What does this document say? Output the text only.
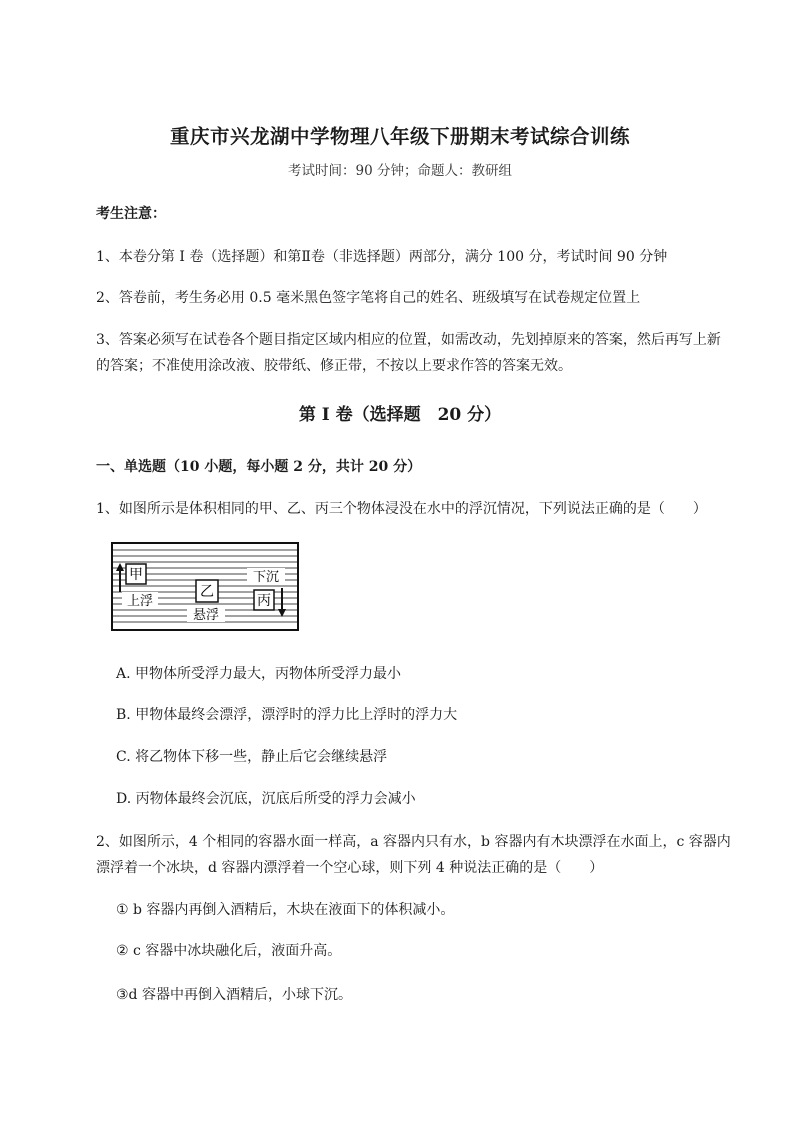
重庆市兴龙湖中学物理八年级下册期末考试综合训练
考试时间：90 分钟；命题人：教研组
考生注意：
1、本卷分第 I 卷（选择题）和第Ⅱ卷（非选择题）两部分，满分 100 分，考试时间 90 分钟
2、答卷前，考生务必用 0.5 毫米黑色签字笔将自己的姓名、班级填写在试卷规定位置上
3、答案必须写在试卷各个题目指定区域内相应的位置，如需改动，先划掉原来的答案，然后再写上新
的答案；不准使用涂改液、胶带纸、修正带，不按以上要求作答的答案无效。
第 I 卷（选择题　20 分）
一、单选题（10 小题，每小题 2 分，共计 20 分）
1、如图所示是体积相同的甲、乙、丙三个物体浸没在水中的浮沉情况，下列说法正确的是（　　）
甲
上浮
乙
悬浮
下沉
丙
A. 甲物体所受浮力最大，丙物体所受浮力最小
B. 甲物体最终会漂浮，漂浮时的浮力比上浮时的浮力大
C. 将乙物体下移一些，静止后它会继续悬浮
D. 丙物体最终会沉底，沉底后所受的浮力会减小
2、如图所示，4 个相同的容器水面一样高，a 容器内只有水，b 容器内有木块漂浮在水面上，c 容器内
漂浮着一个冰块，d 容器内漂浮着一个空心球，则下列 4 种说法正确的是（　　）
① b 容器内再倒入酒精后，木块在液面下的体积减小。
② c 容器中冰块融化后，液面升高。
③d 容器中再倒入酒精后，小球下沉。
